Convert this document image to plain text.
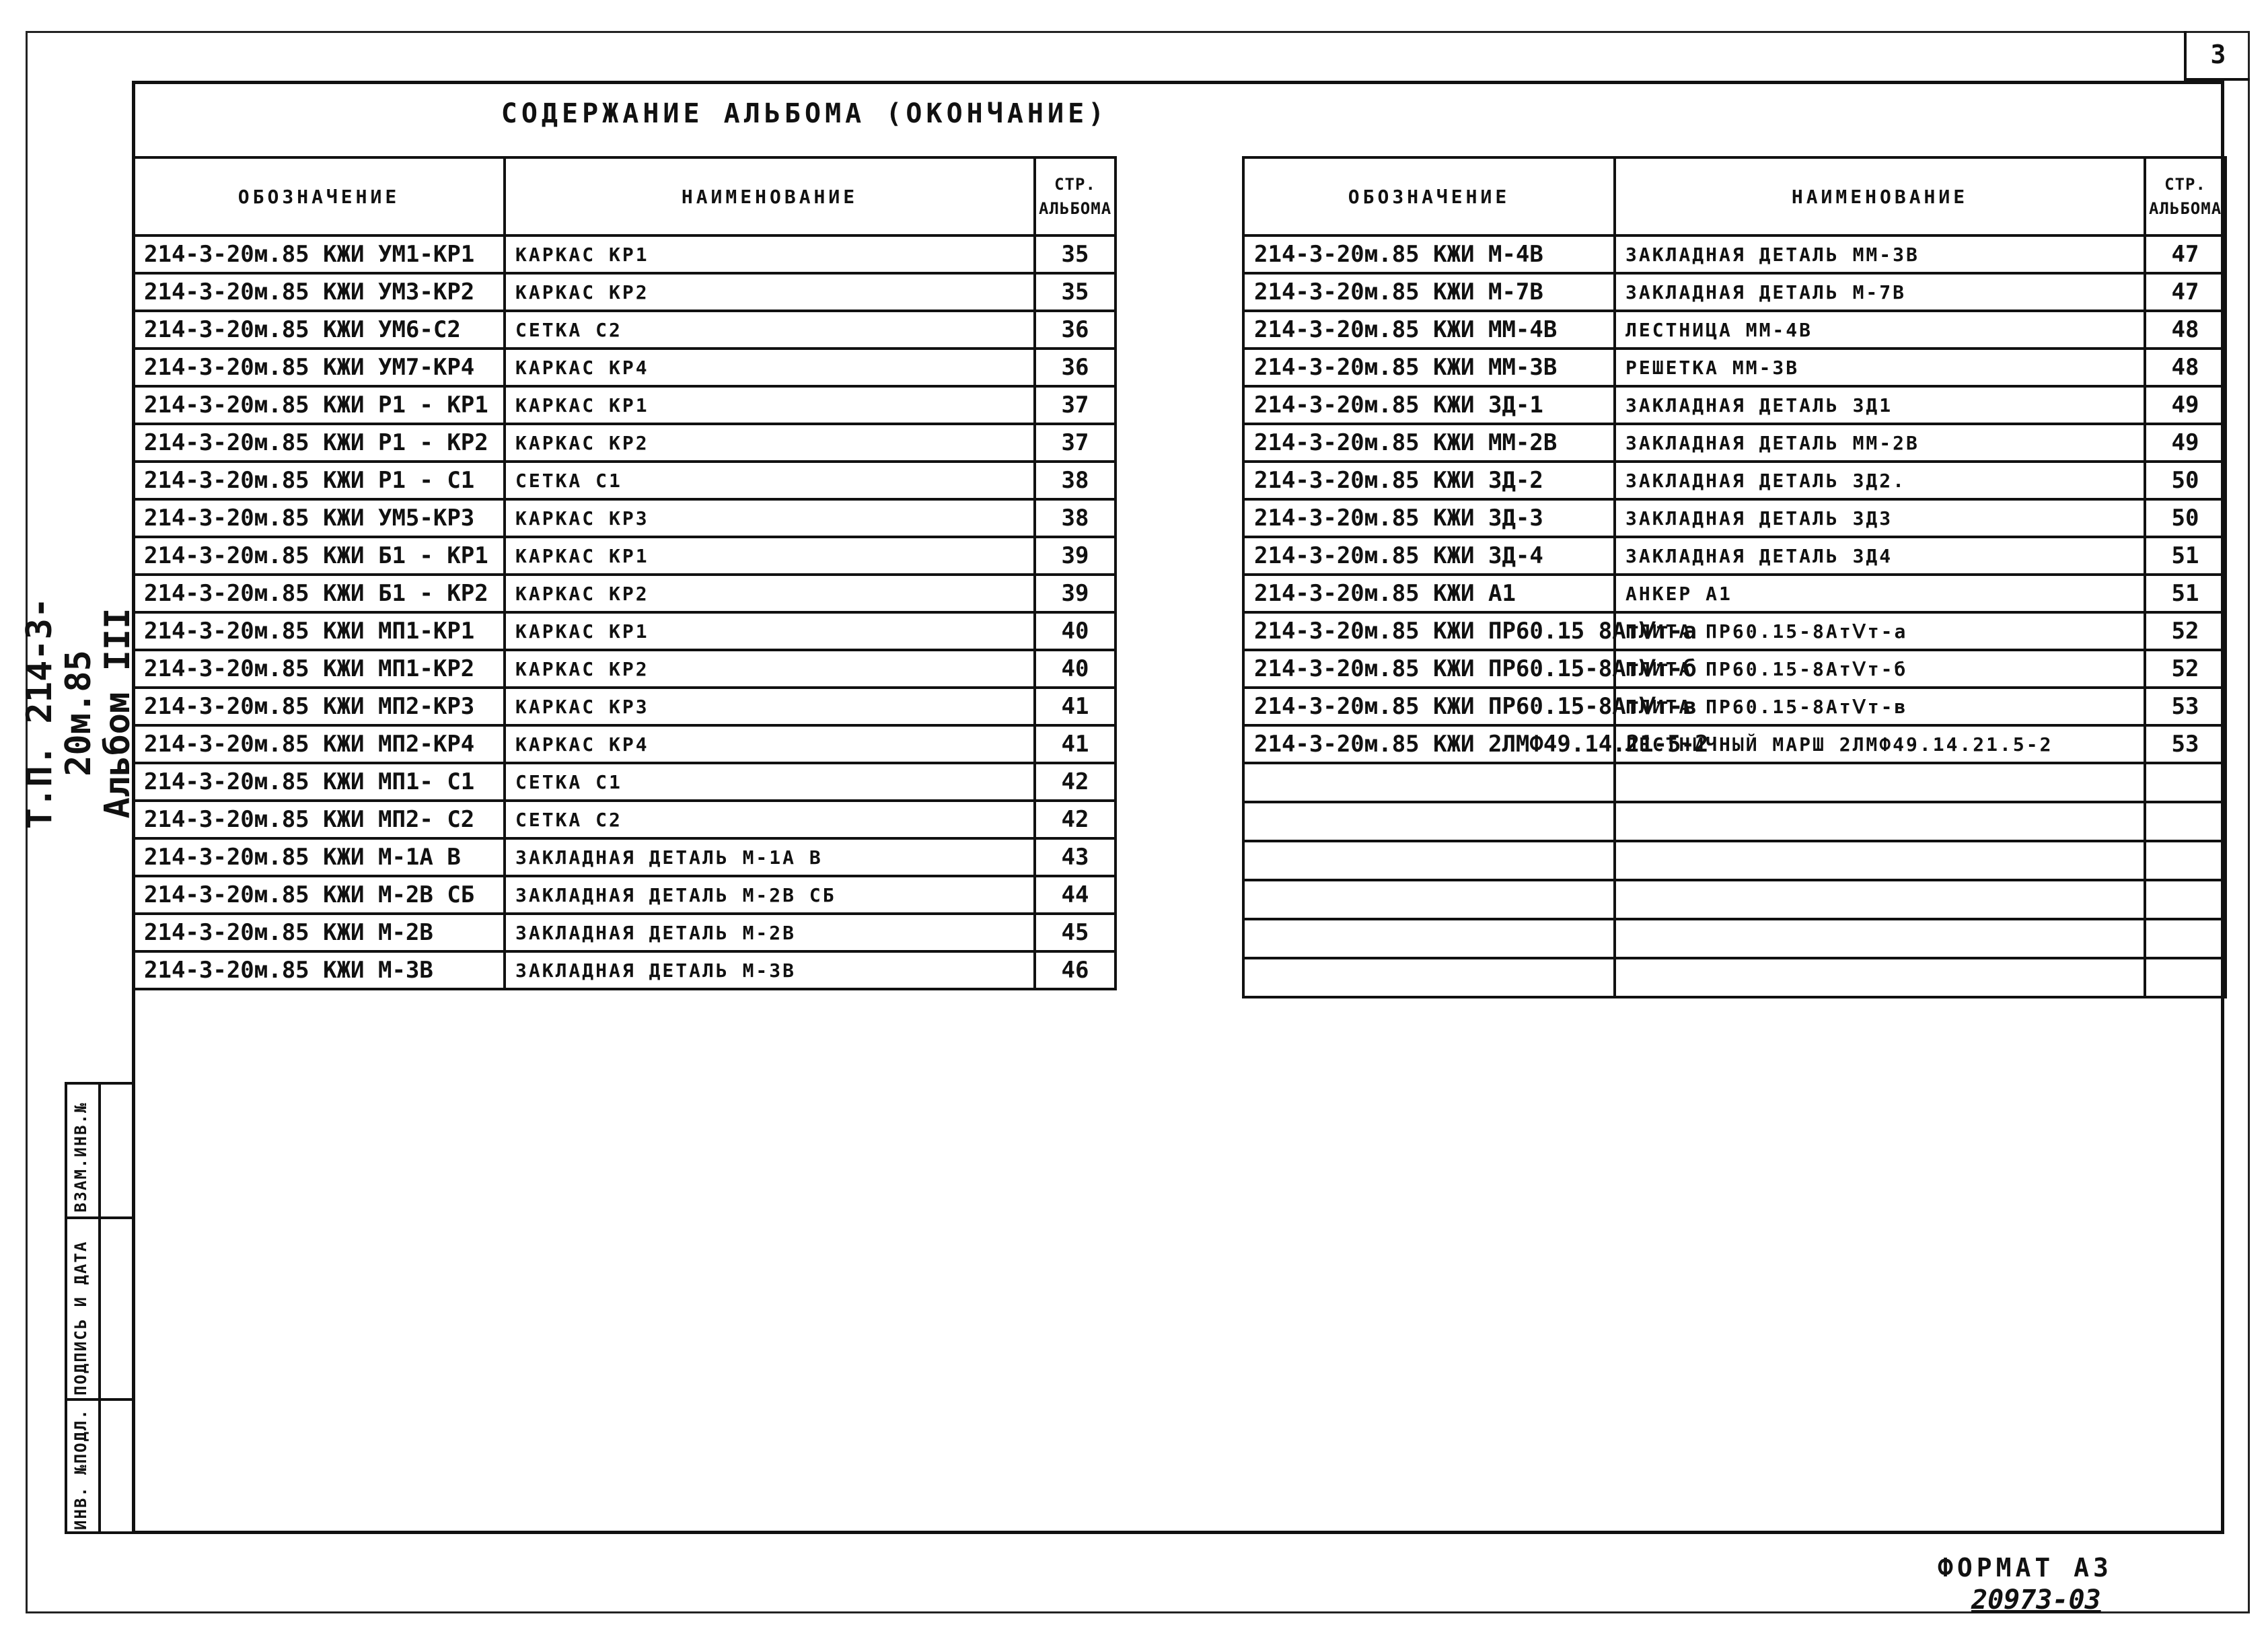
3
СОДЕРЖАНИЕ АЛЬБОМА (ОКОНЧАНИЕ)
Т.П. 214-3-20м.85
Альбом III
ОБОЗНАЧЕНИЕ	НАИМЕНОВАНИЕ	СТР.
АЛЬБОМА

214-3-20м.85 КЖИ УМ1-КР1	КАРКАС КР1	35
214-3-20м.85 КЖИ УМ3-КР2	КАРКАС КР2	35
214-3-20м.85 КЖИ УМ6-С2	СЕТКА С2	36
214-3-20м.85 КЖИ УМ7-КР4	КАРКАС КР4	36
214-3-20м.85 КЖИ Р1 - КР1	КАРКАС КР1	37
214-3-20м.85 КЖИ Р1 - КР2	КАРКАС КР2	37
214-3-20м.85 КЖИ Р1 - С1	СЕТКА С1	38
214-3-20м.85 КЖИ УМ5-КР3	КАРКАС КР3	38
214-3-20м.85 КЖИ Б1 - КР1	КАРКАС КР1	39
214-3-20м.85 КЖИ Б1 - КР2	КАРКАС КР2	39
214-3-20м.85 КЖИ МП1-КР1	КАРКАС КР1	40
214-3-20м.85 КЖИ МП1-КР2	КАРКАС КР2	40
214-3-20м.85 КЖИ МП2-КР3	КАРКАС КР3	41
214-3-20м.85 КЖИ МП2-КР4	КАРКАС КР4	41
214-3-20м.85 КЖИ МП1- С1	СЕТКА С1	42
214-3-20м.85 КЖИ МП2- С2	СЕТКА С2	42
214-3-20м.85 КЖИ М-1А В	ЗАКЛАДНАЯ ДЕТАЛЬ М-1А В	43
214-3-20м.85 КЖИ М-2В СБ	ЗАКЛАДНАЯ ДЕТАЛЬ М-2В СБ	44
214-3-20м.85 КЖИ М-2В	ЗАКЛАДНАЯ ДЕТАЛЬ М-2В	45
214-3-20м.85 КЖИ М-3В	ЗАКЛАДНАЯ ДЕТАЛЬ М-3В	46
ОБОЗНАЧЕНИЕ	НАИМЕНОВАНИЕ	СТР.
АЛЬБОМА

214-3-20м.85 КЖИ М-4В	ЗАКЛАДНАЯ ДЕТАЛЬ ММ-3В	47
214-3-20м.85 КЖИ М-7В	ЗАКЛАДНАЯ ДЕТАЛЬ М-7В	47
214-3-20м.85 КЖИ ММ-4В	ЛЕСТНИЦА ММ-4В	48
214-3-20м.85 КЖИ ММ-3В	РЕШЕТКА ММ-3В	48
214-3-20м.85 КЖИ ЗД-1	ЗАКЛАДНАЯ ДЕТАЛЬ ЗД1	49
214-3-20м.85 КЖИ ММ-2В	ЗАКЛАДНАЯ ДЕТАЛЬ ММ-2В	49
214-3-20м.85 КЖИ ЗД-2	ЗАКЛАДНАЯ ДЕТАЛЬ ЗД2.	50
214-3-20м.85 КЖИ ЗД-3	ЗАКЛАДНАЯ ДЕТАЛЬ ЗД3	50
214-3-20м.85 КЖИ ЗД-4	ЗАКЛАДНАЯ ДЕТАЛЬ ЗД4	51
214-3-20м.85 КЖИ А1	АНКЕР А1	51
214-3-20м.85 КЖИ ПР60.15 8АтⅤт-а	ПЛИТА ПР60.15-8АтⅤт-а	52
214-3-20м.85 КЖИ ПР60.15-8АтⅤт-б	ПЛИТА ПР60.15-8АтⅤт-б	52
214-3-20м.85 КЖИ ПР60.15-8АтⅤт-в	ПЛИТА ПР60.15-8АтⅤт-в	53
214-3-20м.85 КЖИ 2ЛМФ49.14.21-5-2	ЛЕСТНИЧНЫЙ МАРШ 2ЛМФ49.14.21.5-2	53

ВЗАМ.ИНВ.№
ПОДПИСЬ И ДАТА
ИНВ. №ПОДЛ.
ФОРМАТ А3
20973-03
